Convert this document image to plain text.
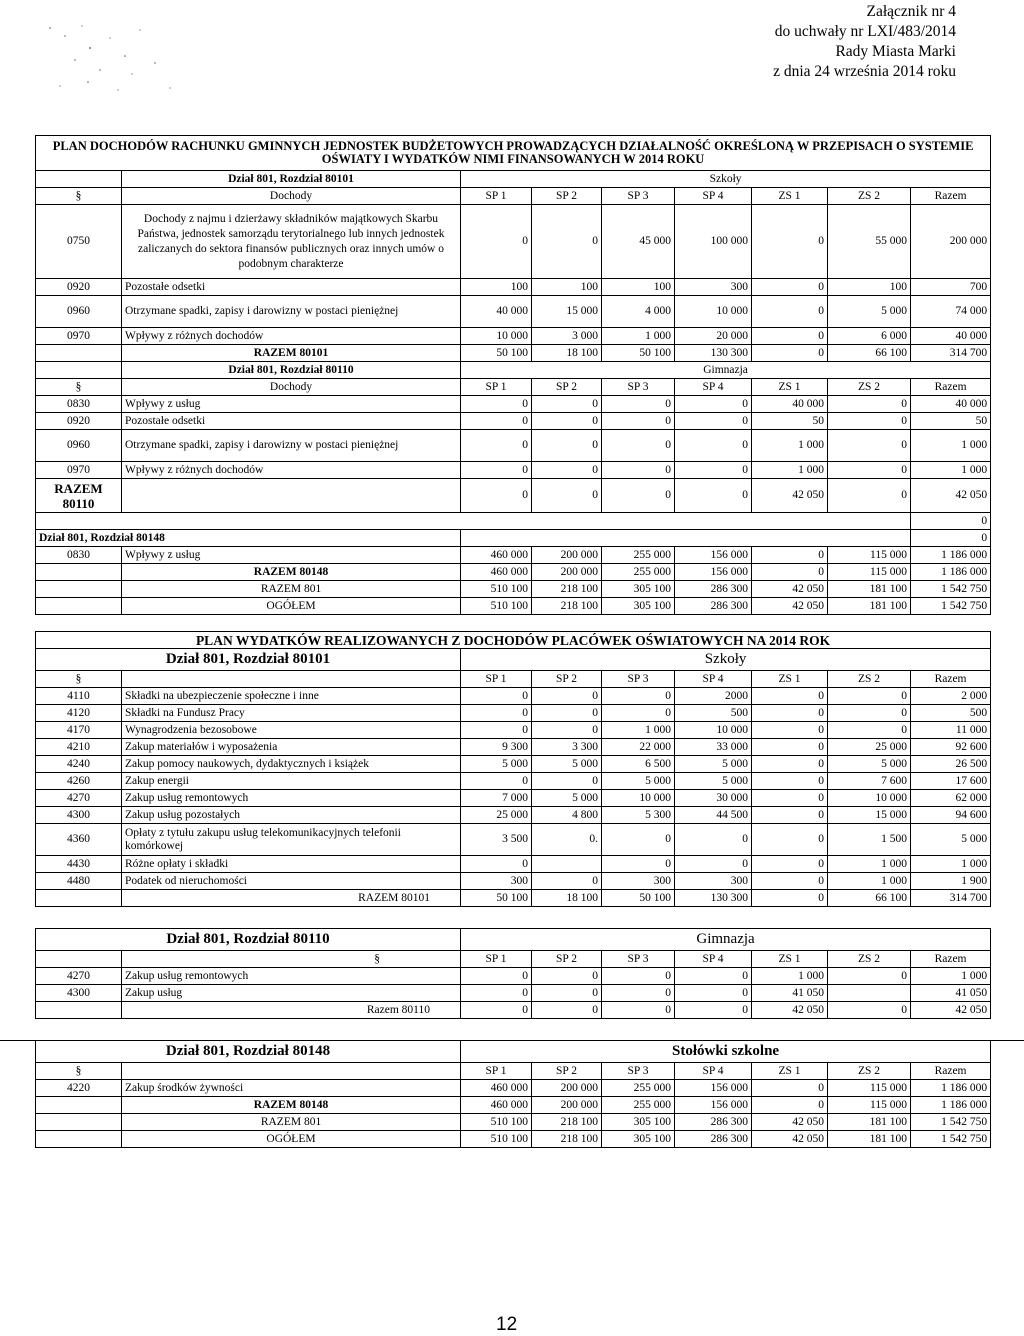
Załącznik nr 4
do uchwały nr LXI/483/2014
Rady Miasta Marki
z dnia 24 września 2014 roku
PLAN DOCHODÓW RACHUNKU GMINNYCH JEDNOSTEK BUDŻETOWYCH PROWADZĄCYCH DZIAŁALNOŚĆ OKREŚLONĄ W PRZEPISACH O SYSTEMIE OŚWIATY I WYDATKÓW NIMI FINANSOWANYCH W 2014 ROKU								
	Dział 801, Rozdział 80101	Szkoły						
§	Dochody	SP 1	SP 2	SP 3	SP 4	ZS 1	ZS 2	Razem
0750	Dochody z najmu i dzierżawy składników majątkowych Skarbu Państwa, jednostek samorządu terytorialnego lub innych jednostek zaliczanych do sektora finansów publicznych oraz innych umów o podobnym charakterze	0	0	45 000	100 000	0	55 000	200 000
0920	Pozostałe odsetki	100	100	100	300	0	100	700
0960	Otrzymane spadki, zapisy i darowizny w postaci pieniężnej	40 000	15 000	4 000	10 000	0	5 000	74 000
0970	Wpływy z różnych dochodów	10 000	3 000	1 000	20 000	0	6 000	40 000
	RAZEM 80101	50 100	18 100	50 100	130 300	0	66 100	314 700
	Dział 801, Rozdział 80110	Gimnazja						
§	Dochody	SP 1	SP 2	SP 3	SP 4	ZS 1	ZS 2	Razem
0830	Wpływy z usług	0	0	0	0	40 000	0	40 000
0920	Pozostałe odsetki	0	0	0	0	50	0	50
0960	Otrzymane spadki, zapisy i darowizny w postaci pieniężnej	0	0	0	0	1 000	0	1 000
0970	Wpływy z różnych dochodów	0	0	0	0	1 000	0	1 000
RAZEM 80110		0	0	0	0	42 050	0	42 050
								0
Dział 801, Rozdział 80148								0
0830	Wpływy z usług	460 000	200 000	255 000	156 000	0	115 000	1 186 000
	RAZEM 80148	460 000	200 000	255 000	156 000	0	115 000	1 186 000
	RAZEM 801	510 100	218 100	305 100	286 300	42 050	181 100	1 542 750
	OGÓŁEM	510 100	218 100	305 100	286 300	42 050	181 100	1 542 750
PLAN WYDATKÓW REALIZOWANYCH Z DOCHODÓW PLACÓWEK OŚWIATOWYCH NA 2014 ROK								
Dział 801, Rozdział 80101		Szkoły						
§		SP 1	SP 2	SP 3	SP 4	ZS 1	ZS 2	Razem
4110	Składki na ubezpieczenie społeczne i inne	0	0	0	2000	0	0	2 000
4120	Składki na Fundusz Pracy	0	0	0	500	0	0	500
4170	Wynagrodzenia bezosobowe	0	0	1 000	10 000	0	0	11 000
4210	Zakup materiałów i wyposażenia	9 300	3 300	22 000	33 000	0	25 000	92 600
4240	Zakup pomocy naukowych, dydaktycznych i książek	5 000	5 000	6 500	5 000	0	5 000	26 500
4260	Zakup energii	0	0	5 000	5 000	0	7 600	17 600
4270	Zakup usług remontowych	7 000	5 000	10 000	30 000	0	10 000	62 000
4300	Zakup usług pozostałych	25 000	4 800	5 300	44 500	0	15 000	94 600
4360	Opłaty z tytułu zakupu usług telekomunikacyjnych telefonii komórkowej	3 500	0.	0	0	0	1 500	5 000
4430	Różne opłaty i składki	0		0	0	0	1 000	1 000
4480	Podatek od nieruchomości	300	0	300	300	0	1 000	1 900
	RAZEM 80101	50 100	18 100	50 100	130 300	0	66 100	314 700

Dział 801, Rozdział 80110		Gimnazja						
	§	SP 1	SP 2	SP 3	SP 4	ZS 1	ZS 2	Razem
4270	Zakup usług remontowych	0	0	0	0	1 000	0	1 000
4300	Zakup usług	0	0	0	0	41 050		41 050
	Razem 80110	0	0	0	0	42 050	0	42 050

Dział 801, Rozdział 80148		Stołówki szkolne						
§		SP 1	SP 2	SP 3	SP 4	ZS 1	ZS 2	Razem
4220	Zakup środków żywności	460 000	200 000	255 000	156 000	0	115 000	1 186 000
	RAZEM 80148	460 000	200 000	255 000	156 000	0	115 000	1 186 000
	RAZEM 801	510 100	218 100	305 100	286 300	42 050	181 100	1 542 750
	OGÓŁEM	510 100	218 100	305 100	286 300	42 050	181 100	1 542 750
12
